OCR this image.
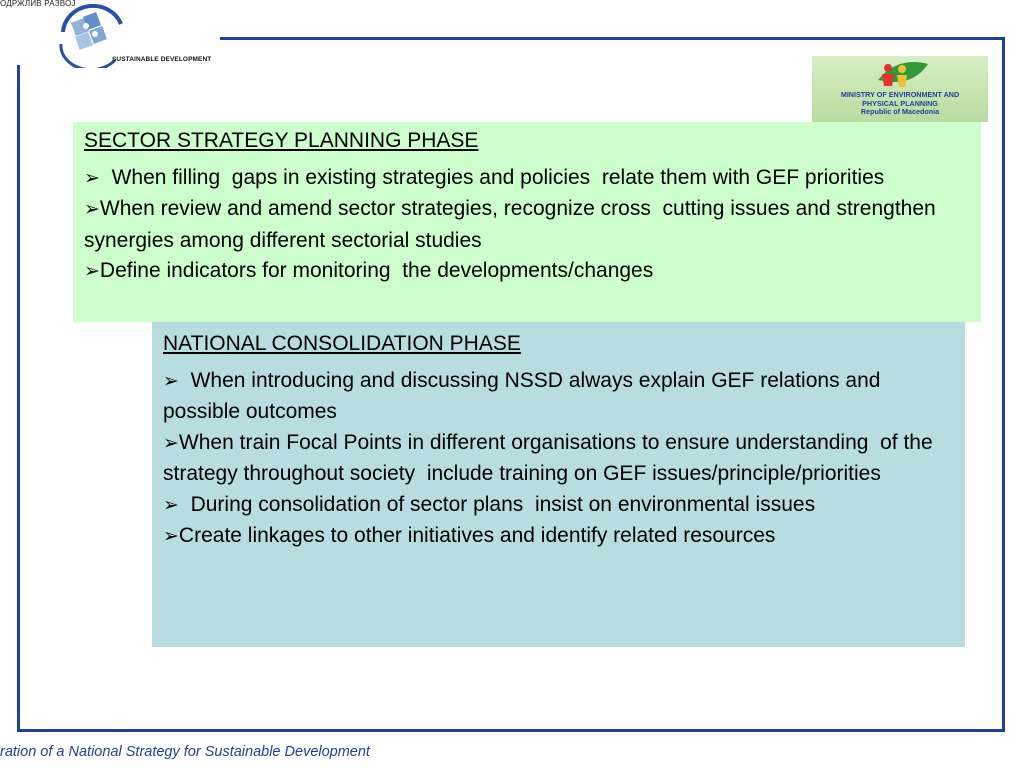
ОДРЖЛИВ РАЗВОЈ
SUSTAINABLE DEVELOPMENT
MINISTRY OF ENVIRONMENT AND
PHYSICAL PLANNING
Republic of Macedonia
SECTOR STRATEGY PLANNING PHASE
➢  When filling  gaps in existing strategies and policies  relate them with GEF priorities
➢When review and amend sector strategies, recognize cross  cutting issues and strengthen synergies among different sectorial studies
➢Define indicators for monitoring  the developments/changes
NATIONAL CONSOLIDATION PHASE
➢  When introducing and discussing NSSD always explain GEF relations and possible outcomes
➢When train Focal Points in different organisations to ensure understanding  of the strategy throughout society  include training on GEF issues/principle/priorities
➢  During consolidation of sector plans  insist on environmental issues
➢Create linkages to other initiatives and identify related resources
ration of a National Strategy for Sustainable Development
